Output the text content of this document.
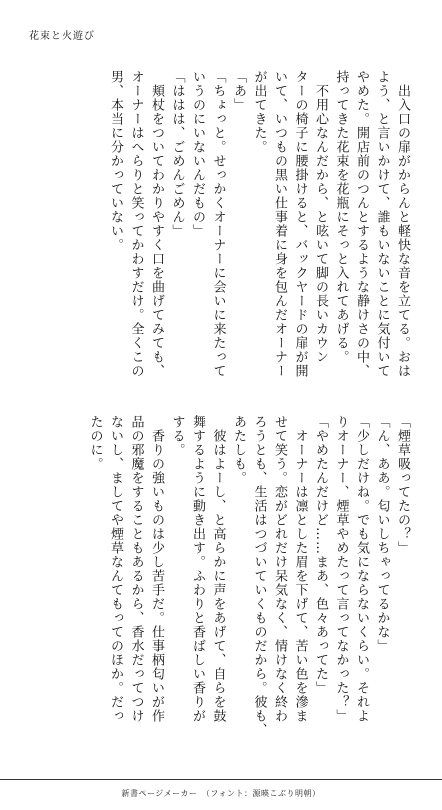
花束と火遊び
　出入口の扉がからんと軽快な音を立てる。おは
よう、と言いかけて、誰もいないことに気付いて
やめた。開店前のつんとするような静けさの中、
持ってきた花束を花瓶にそっと入れてあげる。
　不用心なんだから、と呟いて脚の長いカウン
ターの椅子に腰掛けると、バックヤードの扉が開
いて、いつもの黒い仕事着に身を包んだオーナー
が出てきた。
「あ」
「ちょっと。せっかくオーナーに会いに来たって
いうのにいないんだもの」
「ははは、ごめんごめん」
　頬杖をついてわかりやすく口を曲げてみても、
オーナーはへらりと笑ってかわすだけ。全くこの
男、本当に分かっていない。
「煙草吸ってたの？」
「ん、ああ。匂いしちゃってるかな」
「少しだけね。でも気にならないくらい。それよ
りオーナー、煙草やめたって言ってなかった？」
「やめたんだけど……まあ、色々あってた」
　オーナーは凛とした眉を下げて、苦い色を滲ま
せて笑う。恋がどれだけ呆気なく、情けなく終わ
ろうとも、生活はつづいていくものだから。彼も、
あたしも。
　彼はよーし、と高らかに声をあげて、自らを鼓
舞するように動き出す。ふわりと香ばしい香りが
する。
　香りの強いものは少し苦手だ。仕事柄匂いが作
品の邪魔をすることもあるから、香水だってつけ
ないし、ましてや煙草なんてもってのほか。だっ
たのに。
新書ページメーカー　（フォント：源暎こぶり明朝）
